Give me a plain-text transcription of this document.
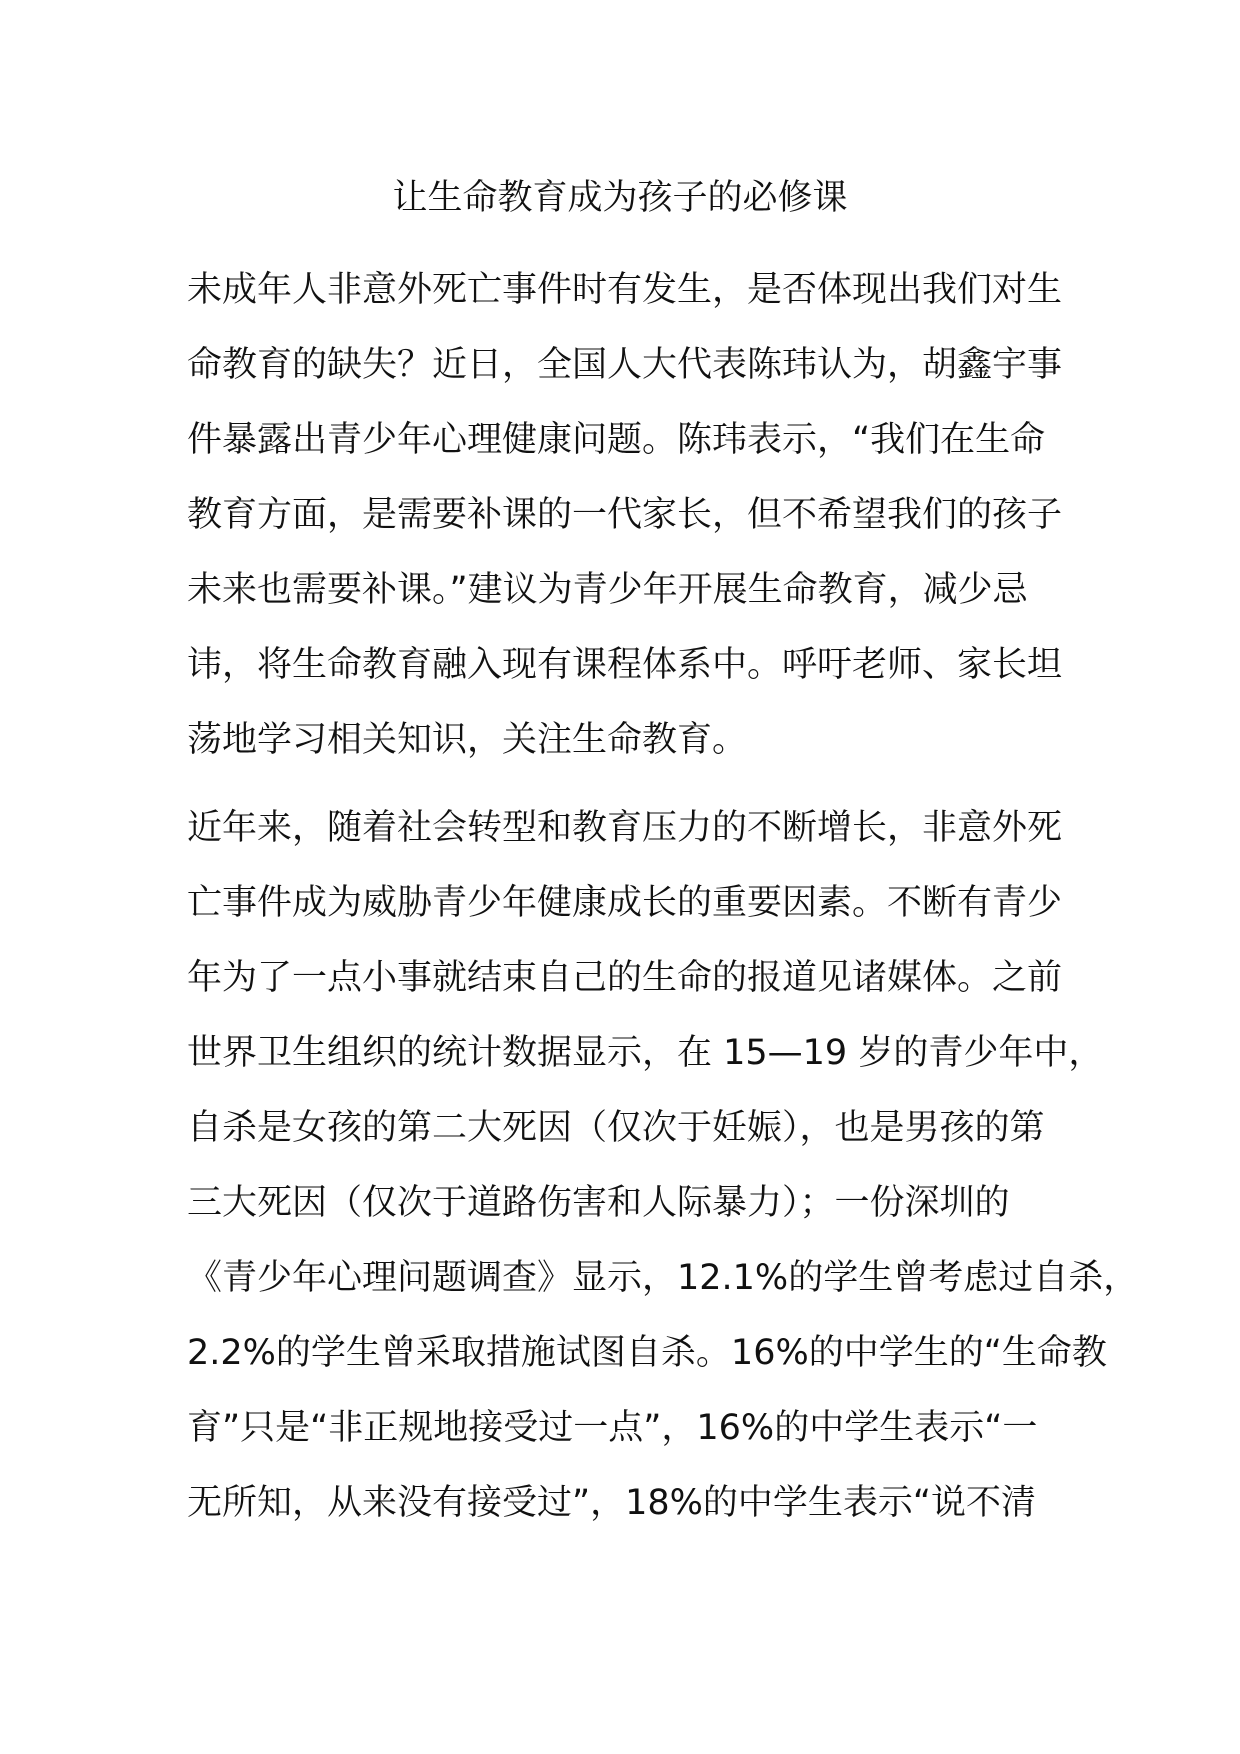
让生命教育成为孩子的必修课
未成年人非意外死亡事件时有发生，是否体现出我们对生
命教育的缺失？近日，全国人大代表陈玮认为，胡鑫宇事
件暴露出青少年心理健康问题。陈玮表示，“我们在生命
教育方面，是需要补课的一代家长，但不希望我们的孩子
未来也需要补课。”建议为青少年开展生命教育，减少忌
讳，将生命教育融入现有课程体系中。呼吁老师、家长坦
荡地学习相关知识，关注生命教育。
近年来，随着社会转型和教育压力的不断增长，非意外死
亡事件成为威胁青少年健康成长的重要因素。不断有青少
年为了一点小事就结束自己的生命的报道见诸媒体。之前
世界卫生组织的统计数据显示，在 15—19 岁的青少年中，
自杀是女孩的第二大死因（仅次于妊娠），也是男孩的第
三大死因（仅次于道路伤害和人际暴力）；一份深圳的
《青少年心理问题调查》显示，12.1%的学生曾考虑过自杀，
2.2%的学生曾采取措施试图自杀。16%的中学生的“生命教
育”只是“非正规地接受过一点”，16%的中学生表示“一
无所知，从来没有接受过”，18%的中学生表示“说不清
